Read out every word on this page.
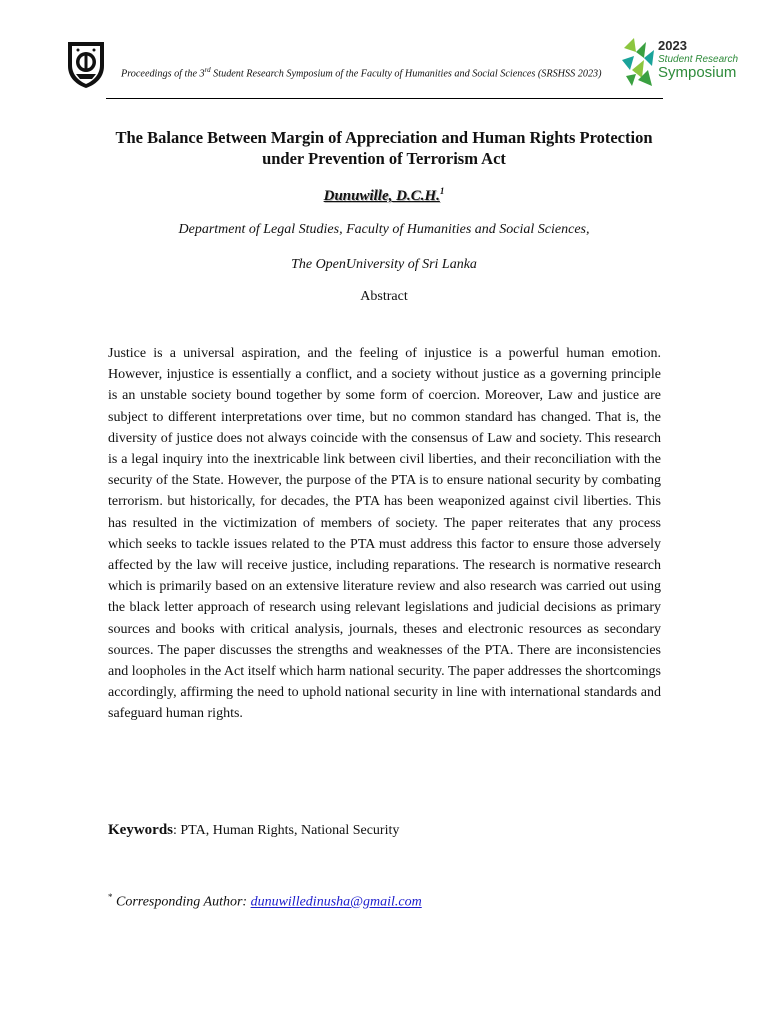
Proceedings of the 3rd Student Research Symposium of the Faculty of Humanities and Social Sciences (SRSHSS 2023)
2023
Student Research
Symposium
The Balance Between Margin of Appreciation and Human Rights Protection
under Prevention of Terrorism Act
Dunuwille, D.C.H.$^1$
Department of Legal Studies, Faculty of Humanities and Social Sciences,
The OpenUniversity of Sri Lanka
Abstract
Justice is a universal aspiration, and the feeling of injustice is a powerful human emotion. However, injustice is essentially a conflict, and a society without justice as a governing principle is an unstable society bound together by some form of coercion. Moreover, Law and justice are subject to different interpretations over time, but no common standard has changed. That is, the diversity of justice does not always coincide with the consensus of Law and society. This research is a legal inquiry into the inextricable link between civil liberties, and their reconciliation with the security of the State. However, the purpose of the PTA is to ensure national security by combating terrorism. but historically, for decades, the PTA has been weaponized against civil liberties. This has resulted in the victimization of members of society. The paper reiterates that any process which seeks to tackle issues related to the PTA must address this factor to ensure those adversely affected by the law will receive justice, including reparations. The research is normative research which is primarily based on an extensive literature review and also research was carried out using the black letter approach of research using relevant legislations and judicial decisions as primary sources and books with critical analysis, journals, theses and electronic resources as secondary sources. The paper discusses the strengths and weaknesses of the PTA. There are inconsistencies and loopholes in the Act itself which harm national security. The paper addresses the shortcomings accordingly, affirming the need to uphold national security in line with international standards and safeguard human rights.
Keywords: PTA, Human Rights, National Security
* Corresponding Author: dunuwilledinusha@gmail.com
